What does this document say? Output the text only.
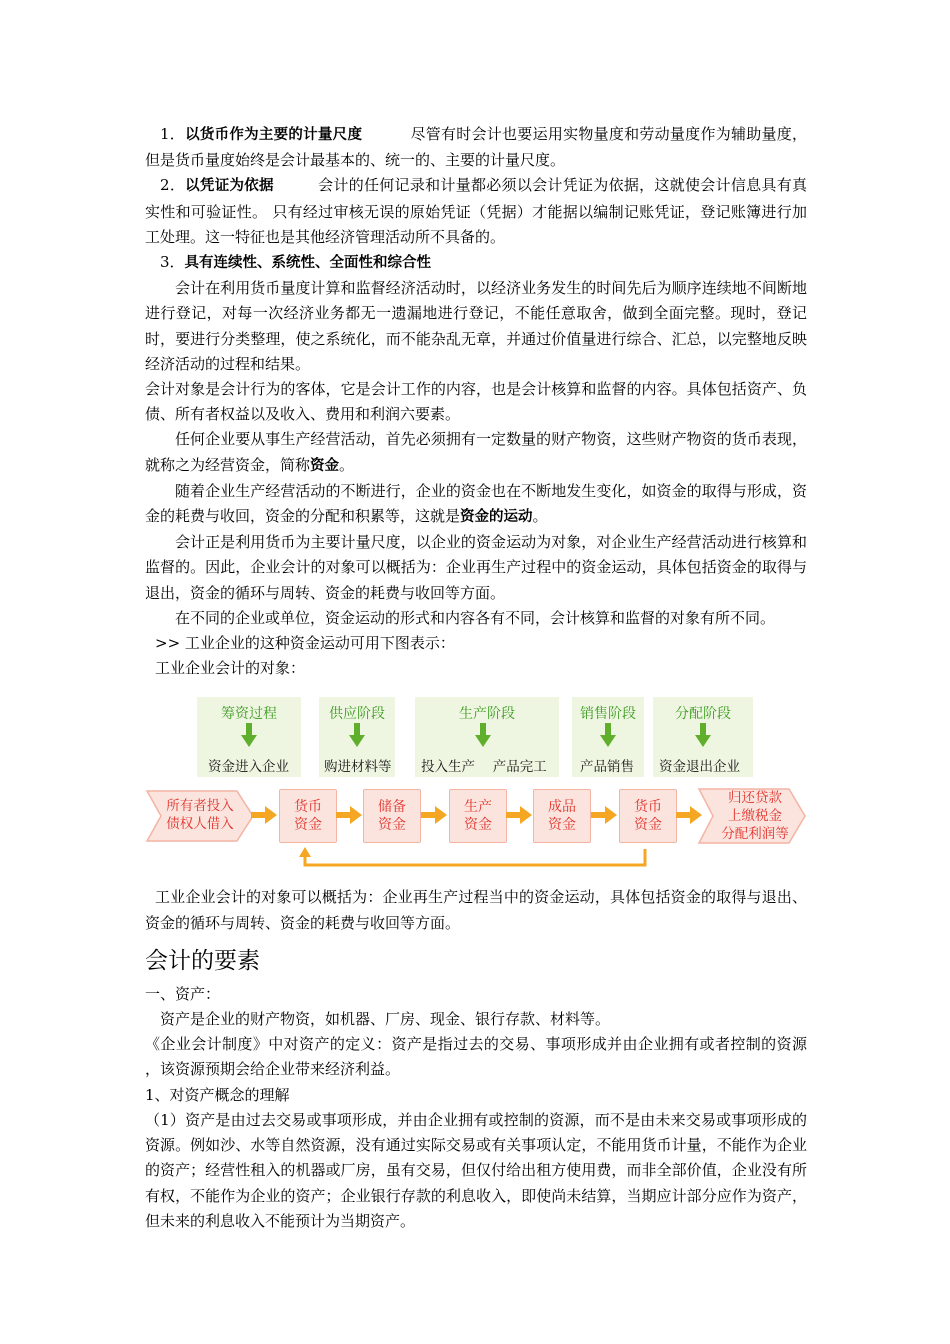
1．以货币作为主要的计量尺度	尽管有时会计也要运用实物量度和劳动量度作为辅助量度，但是货币量度始终是会计最基本的、统一的、主要的计量尺度。

2．以凭证为依据	会计的任何记录和计量都必须以会计凭证为依据，这就使会计信息具有真实性和可验证性。 只有经过审核无误的原始凭证（凭据）才能据以编制记账凭证，登记账簿进行加工处理。这一特征也是其他经济管理活动所不具备的。

3．具有连续性、系统性、全面性和综合性

会计在利用货币量度计算和监督经济活动时，以经济业务发生的时间先后为顺序连续地不间断地进行登记，对每一次经济业务都无一遗漏地进行登记，不能任意取舍，做到全面完整。现时，登记时，要进行分类整理，使之系统化，而不能杂乱无章，并通过价值量进行综合、汇总，以完整地反映经济活动的过程和结果。

会计对象是会计行为的客体，它是会计工作的内容，也是会计核算和监督的内容。具体包括资产、负债、所有者权益以及收入、费用和利润六要素。

任何企业要从事生产经营活动，首先必须拥有一定数量的财产物资，这些财产物资的货币表现，就称之为经营资金，简称资金。

随着企业生产经营活动的不断进行，企业的资金也在不断地发生变化，如资金的取得与形成，资金的耗费与收回，资金的分配和积累等，这就是资金的运动。

会计正是利用货币为主要计量尺度，以企业的资金运动为对象，对企业生产经营活动进行核算和监督的。因此，企业会计的对象可以概括为：企业再生产过程中的资金运动，具体包括资金的取得与退出，资金的循环与周转、资金的耗费与收回等方面。

在不同的企业或单位，资金运动的形式和内容各有不同，会计核算和监督的对象有所不同。

>> 工业企业的这种资金运动可用下图表示：

工业企业会计的对象：

筹资过程
资金进入企业
供应阶段
购进材料等
生产阶段
投入生产　 产品完工
销售阶段
产品销售
分配阶段
资金退出企业
所有者投入
债权人借入
归还贷款
上缴税金
分配利润等
货币
资金
储备
资金
生产
资金
成品
资金
货币
资金

工业企业会计的对象可以概括为：企业再生产过程当中的资金运动，具体包括资金的取得与退出、资金的循环与周转、资金的耗费与收回等方面。

会计的要素

一、资产：

资产是企业的财产物资，如机器、厂房、现金、银行存款、材料等。

《企业会计制度》中对资产的定义：资产是指过去的交易、事项形成并由企业拥有或者控制的资源 ，该资源预期会给企业带来经济利益。

1、对资产概念的理解

（1）资产是由过去交易或事项形成，并由企业拥有或控制的资源，而不是由未来交易或事项形成的资源。例如沙、水等自然资源，没有通过实际交易或有关事项认定，不能用货币计量，不能作为企业的资产；经营性租入的机器或厂房，虽有交易，但仅付给出租方使用费，而非全部价值，企业没有所有权，不能作为企业的资产；企业银行存款的利息收入，即使尚未结算，当期应计部分应作为资产，但未来的利息收入不能预计为当期资产。
